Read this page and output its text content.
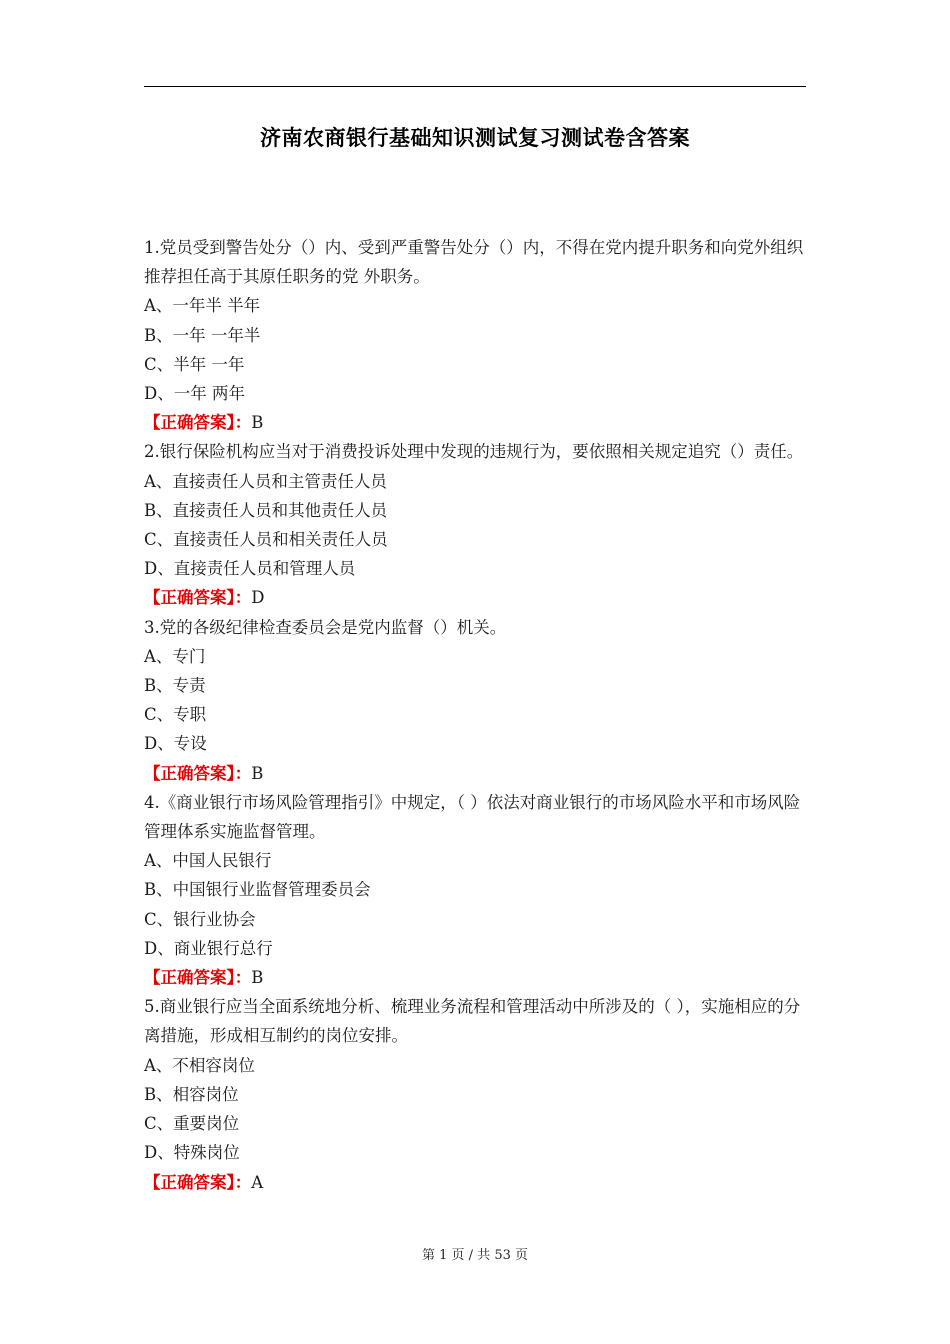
济南农商银行基础知识测试复习测试卷含答案

1.党员受到警告处分（）内、受到严重警告处分（）内，不得在党内提升职务和向党外组织推荐担任高于其原任职务的党 外职务。

A、一年半 半年

B、一年 一年半

C、半年 一年

D、一年 两年

【正确答案】：B

2.银行保险机构应当对于消费投诉处理中发现的违规行为，要依照相关规定追究（）责任。

A、直接责任人员和主管责任人员

B、直接责任人员和其他责任人员

C、直接责任人员和相关责任人员

D、直接责任人员和管理人员

【正确答案】：D

3.党的各级纪律检查委员会是党内监督（）机关。

A、专门

B、专责

C、专职

D、专设

【正确答案】：B

4.《商业银行市场风险管理指引》中规定，（ ）依法对商业银行的市场风险水平和市场风险管理体系实施监督管理。

A、中国人民银行

B、中国银行业监督管理委员会

C、银行业协会

D、商业银行总行

【正确答案】：B

5.商业银行应当全面系统地分析、梳理业务流程和管理活动中所涉及的（ ），实施相应的分离措施，形成相互制约的岗位安排。

A、不相容岗位

B、相容岗位

C、重要岗位

D、特殊岗位

【正确答案】：A

第 1 页 / 共 53 页
